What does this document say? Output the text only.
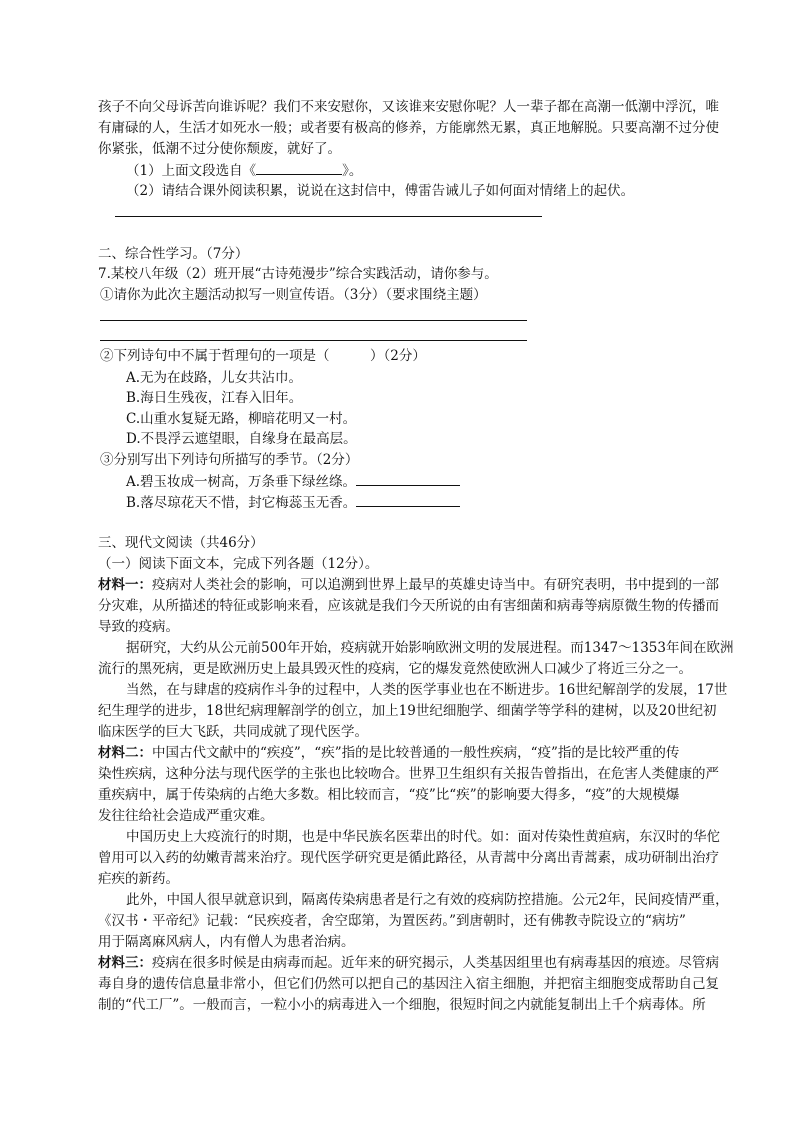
孩子不向父母诉苦向谁诉呢？我们不来安慰你，又该谁来安慰你呢？人一辈子都在高潮一低潮中浮沉，唯
有庸碌的人，生活才如死水一般；或者要有极高的修养，方能廓然无累，真正地解脱。只要高潮不过分使
你紧张，低潮不过分使你颓废，就好了。
（1）上面文段选自《	》。
（2）请结合课外阅读积累，说说在这封信中，傅雷告诫儿子如何面对情绪上的起伏。
二、综合性学习。（7分）
7.某校八年级（2）班开展“古诗苑漫步”综合实践活动，请你参与。
①请你为此次主题活动拟写一则宣传语。（3分）（要求围绕主题）
②下列诗句中不属于哲理句的一项是（　　　）（2分）
A.无为在歧路，儿女共沾巾。
B.海日生残夜，江春入旧年。
C.山重水复疑无路，柳暗花明又一村。
D.不畏浮云遮望眼，自缘身在最高层。
③分别写出下列诗句所描写的季节。（2分）
A.碧玉妆成一树高，万条垂下绿丝绦。
B.落尽琼花天不惜，封它梅蕊玉无香。
三、现代文阅读（共46分）
（一）阅读下面文本，完成下列各题（12分）。
材料一：疫病对人类社会的影响，可以追溯到世界上最早的英雄史诗当中。有研究表明，书中提到的一部
分灾难，从所描述的特征或影响来看，应该就是我们今天所说的由有害细菌和病毒等病原微生物的传播而
导致的疫病。
据研究，大约从公元前500年开始，疫病就开始影响欧洲文明的发展进程。而1347～1353年间在欧洲
流行的黑死病，更是欧洲历史上最具毁灭性的疫病，它的爆发竟然使欧洲人口减少了将近三分之一。
当然，在与肆虐的疫病作斗争的过程中，人类的医学事业也在不断进步。16世纪解剖学的发展，17世
纪生理学的进步，18世纪病理解剖学的创立，加上19世纪细胞学、细菌学等学科的建树，以及20世纪初
临床医学的巨大飞跃，共同成就了现代医学。
材料二：中国古代文献中的“疾疫”，“疾”指的是比较普通的一般性疾病，“疫”指的是比较严重的传
染性疾病，这种分法与现代医学的主张也比较吻合。世界卫生组织有关报告曾指出，在危害人类健康的严
重疾病中，属于传染病的占绝大多数。相比较而言，“疫”比“疾”的影响要大得多，“疫”的大规模爆
发往往给社会造成严重灾难。
中国历史上大疫流行的时期，也是中华民族名医辈出的时代。如：面对传染性黄疸病，东汉时的华佗
曾用可以入药的幼嫩青蒿来治疗。现代医学研究更是循此路径，从青蒿中分离出青蒿素，成功研制出治疗
疟疾的新药。
此外，中国人很早就意识到，隔离传染病患者是行之有效的疫病防控措施。公元2年，民间疫情严重，
《汉书・平帝纪》记载：“民疾疫者，舍空邸第，为置医药。”到唐朝时，还有佛教寺院设立的“病坊”
用于隔离麻风病人，内有僧人为患者治病。
材料三：疫病在很多时候是由病毒而起。近年来的研究揭示，人类基因组里也有病毒基因的痕迹。尽管病
毒自身的遗传信息量非常小，但它们仍然可以把自己的基因注入宿主细胞，并把宿主细胞变成帮助自己复
制的“代工厂”。一般而言，一粒小小的病毒进入一个细胞，很短时间之内就能复制出上千个病毒体。所
